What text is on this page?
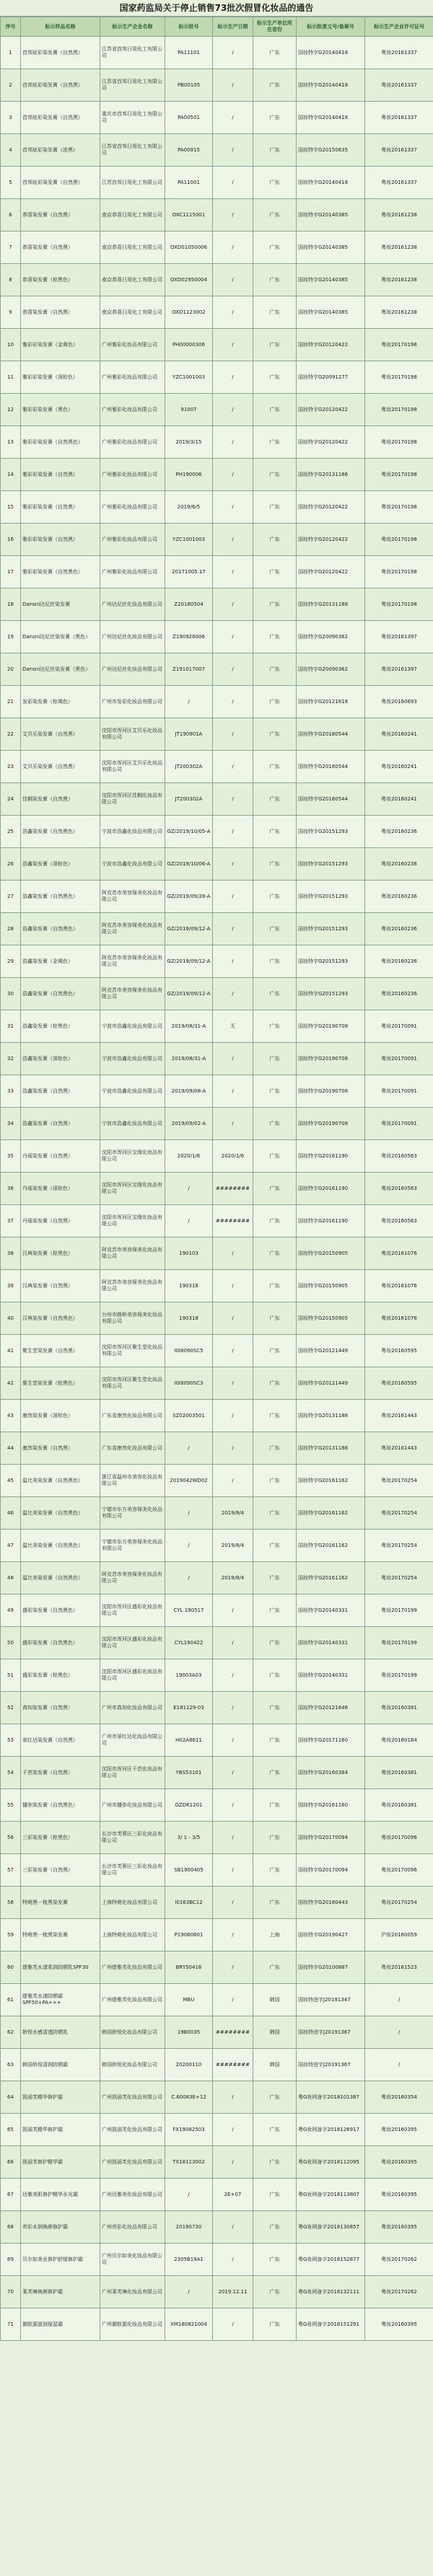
国家药监局关于停止销售73批次假冒化妆品的通告
序号	标示样品名称	标示生产企业名称	标示批号	标示生产日期	标示生产单位所在省份	标示批准文号/备案号	标示生产企业许可证号
1	首邦炫彩染发膏（自然黑）	江苏省首邦日用化工有限公司	PA11101	/	广东	国妆特字G20140418	粤妆20161337
2	首邦炫彩染发膏（自然黑）	江苏省首邦日用化工有限公司	PB00105	/	广东	国妆特字G20140418	粤妆20161337
3	首邦炫彩染发膏（自然黑）	重庆市首邦日用化工有限公司	PA00501	/	广东	国妆特字G20140418	粤妆20161337
4	首邦炫彩染发膏（浓黑）	江苏省首邦日用化工有限公司	PA00915	/	广东	国妆特字G20150635	粤妆20161337
5	首邦炫彩染发膏（自然黑）	江苏首邦日用化工有限公司	PA11001	/	广东	国妆特字G20140418	粤妆20161337
6	恭喜染发膏（自然黑）	南京恭喜日用化工有限公司	OXC1115001	/	广东	国妆特字G20140385	粤妆20161238
7	恭喜染发膏（自然黑）	南京恭喜日用化工有限公司	OXD01050006	/	广东	国妆特字G20140385	粤妆20161238
8	恭喜染发膏（棕黑色）	南京恭喜日用化工有限公司	OXD02950004	/	广东	国妆特字G20140385	粤妆20161238
9	恭喜染发膏（自然黑）	南京恭喜日用化工有限公司	OXD1123002	/	广东	国妆特字G20140385	粤妆20161238
10	雅彩彩染发膏（金黄色）	广州雅彩化妆品有限公司	PH00000306	/	广东	国妆特字G20120422	粤妆20170198
11	雅彩彩染发膏（深棕色）	广州雅彩化妆品有限公司	YZC1001003	/	广东	国妆特字G20091277	粤妆20170198
12	雅彩彩染发膏（黑色）	广州雅彩化妆品有限公司	91007	/	广东	国妆特字G20120422	粤妆20170198
13	雅彩彩染发膏（自然黑色）	广州雅彩化妆品有限公司	2019/3/15	/	广东	国妆特字G20120422	粤妆20170198
14	雅彩彩染发膏（自然黑）	广州雅彩化妆品有限公司	PH190006	/	广东	国妆特字G20131186	粤妆20170198
15	雅彩彩染发膏（自然黑）	广州雅彩化妆品有限公司	2019/6/5	/	广东	国妆特字G20120422	粤妆20170198
16	雅彩彩染发膏（自然黑）	广州雅彩化妆品有限公司	YZC1001003	/	广东	国妆特字G20120422	粤妆20170198
17	雅彩彩染发膏（自然黑色）	广州雅彩化妆品有限公司	20171005.17	/	广东	国妆特字G20120422	粤妆20170198
18	Dansni达尼丝染发膏	广州达尼丝化妆品有限公司	Z20180504	/	广东	国妆特字G20131188	粤妆20170198
19	Dansni达尼丝染发膏（黑色）	广州达尼丝化妆品有限公司	Z190928006	/	广东	国妆特字G20090362	粤妆20161397
20	Dansni达尼丝染发膏（黑色）	广州达尼丝化妆品有限公司	Z191017007	/	广东	国妆特字G20090362	粤妆20161397
21	发彩染发膏（棕褐色）	广州市发彩化妆品有限公司	/	/	广东	国妆特字G20121618	粤妆20160693
22	艾贝乐染发膏（自然黑）	沈阳市浑河区艾贝乐化妆品有限公司	JT190901A	/	广东	国妆特字G20180544	粤妆20160241
23	艾贝乐染发膏（自然黑）	沈阳市浑河区艾贝乐化妆品有限公司	JT200302A	/	广东	国妆特字G20180544	粤妆20160241
24	佳桐染发膏（自然黑）	沈阳市浑河区佳桐化妆品有限公司	JT200302A	/	广东	国妆特字G20180544	粤妆20160241
25	浩鑫染发膏（自然黑色）	宁波市浩鑫化妆品有限公司	GZ/2019/10/05-A	/	广东	国妆特字G20151293	粤妆20160236
26	浩鑫染发膏（深棕色）	宁波市浩鑫化妆品有限公司	GZ/2019/10/06-A	/	广东	国妆特字G20151293	粤妆20160236
27	浩鑫染发膏（自然黑色）	阿克苏市美容保美化妆品有限公司	GZ/2019/09/28-A	/	广东	国妆特字G20151293	粤妆20160236
28	浩鑫染发膏（自然黑色）	阿克苏市美容保美化妆品有限公司	GZ/2019/09/12-A	/	广东	国妆特字G20151293	粤妆20160236
29	浩鑫染发膏（金褐色）	阿克苏市美容保美化妆品有限公司	GZ/2019/09/12-A	/	广东	国妆特字G20151293	粤妆20160236
30	浩鑫染发膏（自然黑色）	阿克苏市美容保美化妆品有限公司	GZ/2019/09/12-A	/	广东	国妆特字G20151293	粤妆20160236
31	浩鑫染发膏（棕黑色）	宁波市浩鑫化妆品有限公司	2019/08/31-A	无	广东	国妆特字G20190708	粤妆20170091
32	浩鑫染发膏（深棕色）	宁波市浩鑫化妆品有限公司	2019/08/31-A	/	广东	国妆特字G20190708	粤妆20170091
33	浩鑫染发膏（自然黑）	宁波市浩鑫化妆品有限公司	2019/09/08-A	/	广东	国妆特字G20190708	粤妆20170091
34	浩鑫染发膏（自然黑）	宁波市浩鑫化妆品有限公司	2019/09/02-A	/	广东	国妆特字G20190708	粤妆20170091
35	丹瑶染发膏（自然黑）	沈阳市浑河区宝缘化妆品有限公司	2020/1/6	2020/1/6	广东	国妆特字G20161190	粤妆20160563
36	丹瑶染发膏（深棕色）	沈阳市浑河区宝缘化妆品有限公司	/	########	广东	国妆特字G20161190	粤妆20160563
37	丹瑶染发膏（自然黑）	沈阳市浑河区宝缘化妆品有限公司	/	########	广东	国妆特字G20161190	粤妆20160563
38	汉典染发膏（棕黑色）	阿克苏市美容保美化妆品有限公司	190103	/	广东	国妆特字G20150905	粤妆20161076
39	汉典染发膏（自然黑）	阿克苏市美容保美化妆品有限公司	190318	/	广东	国妆特字G20150905	粤妆20161076
40	汉典染发膏（自然黑色）	台州市路桥美容保美化妆品有限公司	190318	/	广东	国妆特字G20150905	粤妆20161076
41	聚生堂染发膏（自然黑）	沈阳市浑河区聚生堂化妆品有限公司	I0I8090SC5	/	广东	国妆特字G20121449	粤妆20160595
42	聚生堂染发膏（棕黑色）	沈阳市浑河区聚生堂化妆品有限公司	I0I8090SC3	/	广东	国妆特字G20121449	粤妆20160595
43	康然染发膏（深棕色）	广东省康然化妆品有限公司	SZ02003501	/	广东	国妆特字G20131188	粤妆20161443
44	康然染发膏（自然黑）	广东省康然化妆品有限公司	/	/	广东	国妆特字G20131188	粤妆20161443
45	温比美染发膏（自然黑色）	浙江省温州市美容化妆品有限公司	2019042WD02	/	广东	国妆特字G20161162	粤妆20170254
46	温比美染发膏（自然黑色）	宁德市东方美容保美化妆品有限公司	/	2019/8/4	广东	国妆特字G20161162	粤妆20170254
47	温比美染发膏（自然黑色）	宁德市东方美容保美化妆品有限公司	/	2019/8/4	广东	国妆特字G20161162	粤妆20170254
48	温比美染发膏（自然黑色）	阿克苏市美容保美化妆品有限公司	/	2019/8/4	广东	国妆特字G20161162	粤妆20170254
49	盛彩染发膏（自然黑色）	沈阳市浑河区盛彩化妆品有限公司	CYL 190517	/	广东	国妆特字G20140331	粤妆20170199
50	盛彩染发膏（自然黑色）	沈阳市浑河区盛彩化妆品有限公司	CYL190422	/	广东	国妆特字G20140331	粤妆20170199
51	盛彩染发膏（棕黑色）	沈阳市浑河区盛彩化妆品有限公司	19003A03	/	广东	国妆特字G20140331	粤妆20170199
52	真知染发膏（自然黑）	广州市真知化妆品有限公司	E181129-03	/	广东	国妆特字G20121648	粤妆20160381
53	景红达染发膏（自然黑）	广州市景红达化妆品有限公司	H02A8611	/	广东	国妆特字G20171160	粤妆20180184
54	千芭染发膏（自然黑）	沈阳市浑河区千芭化妆品有限公司	YBS53101	/	广东	国妆特字G20160384	粤妆20160381
55	播弥染发膏（自然黑色）	广州市播弥化妆品有限公司	GZDK1201	/	广东	国妆特字G20161160	粤妆20160381
56	三彩染发膏（棕黑色）	长沙市芙蓉区三彩化妆品有限公司	3/ 1 - 3/5	/	广东	国妆特字G20170094	粤妆20170096
57	三彩染发膏（自然黑）	长沙市芙蓉区三彩化妆品有限公司	SB1900405	/	广东	国妆特字G20170094	粤妆20170096
58	特萌黑一梳黑染发膏	上海特萌化妆品有限公司	I0163BC12	/	广东	国妆特字G20180443	粤妆20170254
59	特萌黑一梳黑染发膏	上海特萌化妆品有限公司	P19080801	/	上海	国妆特字G20190427	沪妆20160059
60	缇雅芙水漾柔润防晒乳SPF30	广州缇雅芙化妆品有限公司	BRY50416	/	广东	国妆特字G20100887	粤妆20161523
61	缇雅芙水漾防晒霜 SPF50+PA+++	广州缇雅芙化妆品有限公司	MBU	/	韩国	国妆特进字J20191347	/
62	娇悦水感清透防晒乳	韩国娇悦化妆品有限公司	19B0035	########	韩国	国妆特进字J20191367	/
63	韩国娇悦清润防晒霜	韩国娇悦化妆品有限公司	20200110	########	韩国	国妆特进字J20191367	/
64	凯丽芙精华修护霜	广州凯丽芙化妆品有限公司	C.60083E+12	/	广东	粤G妆网备字2018101387	粤妆20160354
65	凯丽芙精华修护霜	广州凯丽芙化妆品有限公司	FX19082503	/	广东	粤G妆网备字2018126917	粤妆20160395
66	凯丽芙修护精华霜	广州凯丽芙化妆品有限公司	TX18113002	/	广东	粤G妆网备字2018112095	粤妆20160395
67	达雅美肌修护精华水光霜	广州达雅美化妆品有限公司	/	2E+07	广东	粤G妆网备字2018113807	粤妆20160395
68	亮彩水润焕颜修护霜	广州亮彩化妆品有限公司	20190730	/	广东	粤G妆网备字2018130857	粤妆20160395
69	贝尔如美业修护舒缓修护霜	广州贝尔如美化妆品有限公司	2305B19A1	/	广东	粤G妆网备字2018152877	粤妆20170262
70	莱芙琳焕颜修护霜	广州莱芙琳化妆品有限公司	/	2019.12.11	广东	粤G妆网备字2018132111	粤妆20170262
71	御肤源滋润保湿霜	广州御肤源化妆品有限公司	XM180821004	/	广东	粤G妆网备字2018151291	粤妆20160395
